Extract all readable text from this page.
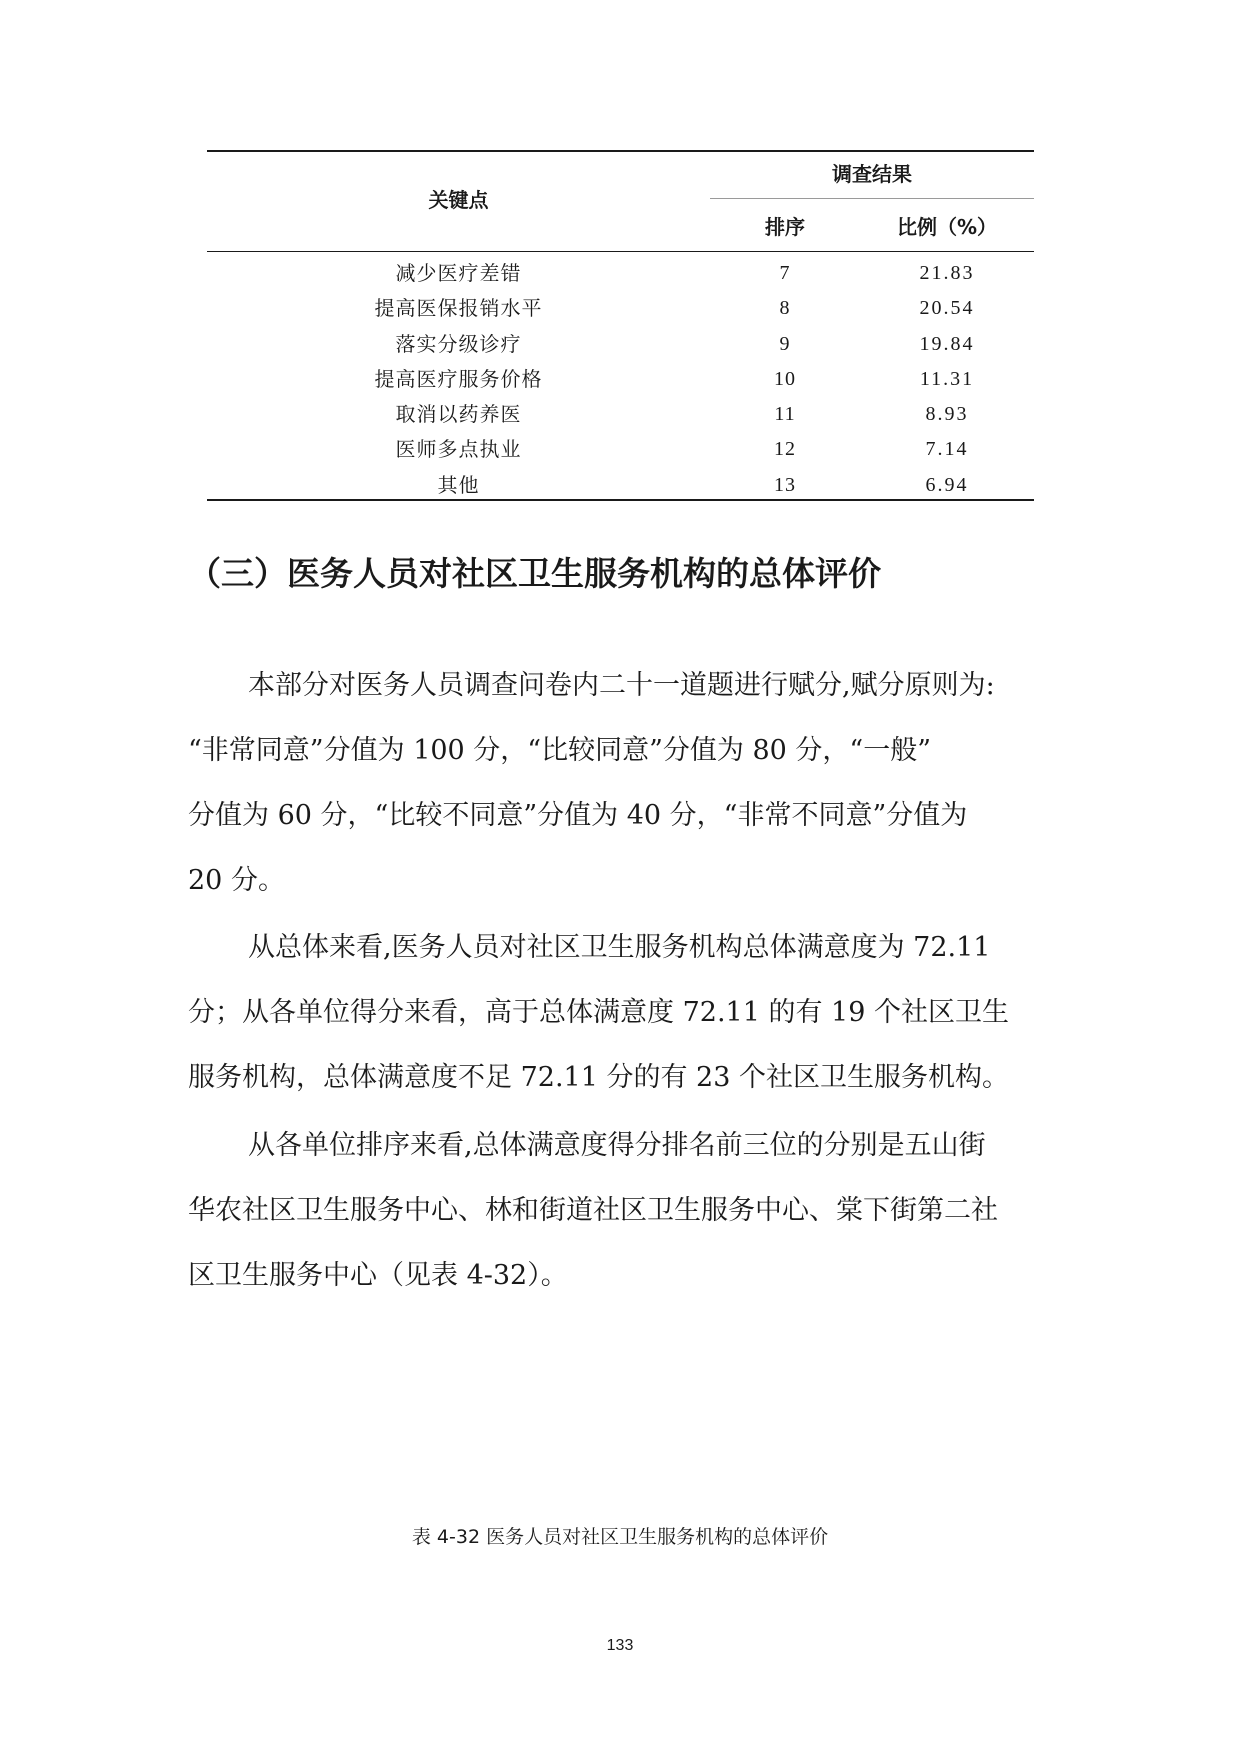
关键点
调查结果
排序	比例（%）
减少医疗差错	7	21.83
提高医保报销水平	8	20.54
落实分级诊疗	9	19.84
提高医疗服务价格	10	11.31
取消以药养医	11	8.93
医师多点执业	12	7.14
其他	13	6.94
（三）医务人员对社区卫生服务机构的总体评价
本部分对医务人员调查问卷内二十一道题进行赋分,赋分原则为:
“非常同意”分值为 100 分，“比较同意”分值为 80 分，“一般”
分值为 60 分，“比较不同意”分值为 40 分，“非常不同意”分值为
20 分。
从总体来看,医务人员对社区卫生服务机构总体满意度为 72.11
分；从各单位得分来看，高于总体满意度 72.11 的有 19 个社区卫生
服务机构，总体满意度不足 72.11 分的有 23 个社区卫生服务机构。
从各单位排序来看,总体满意度得分排名前三位的分别是五山街
华农社区卫生服务中心、林和街道社区卫生服务中心、棠下街第二社
区卫生服务中心（见表 4-32）。
表 4-32 医务人员对社区卫生服务机构的总体评价
133
